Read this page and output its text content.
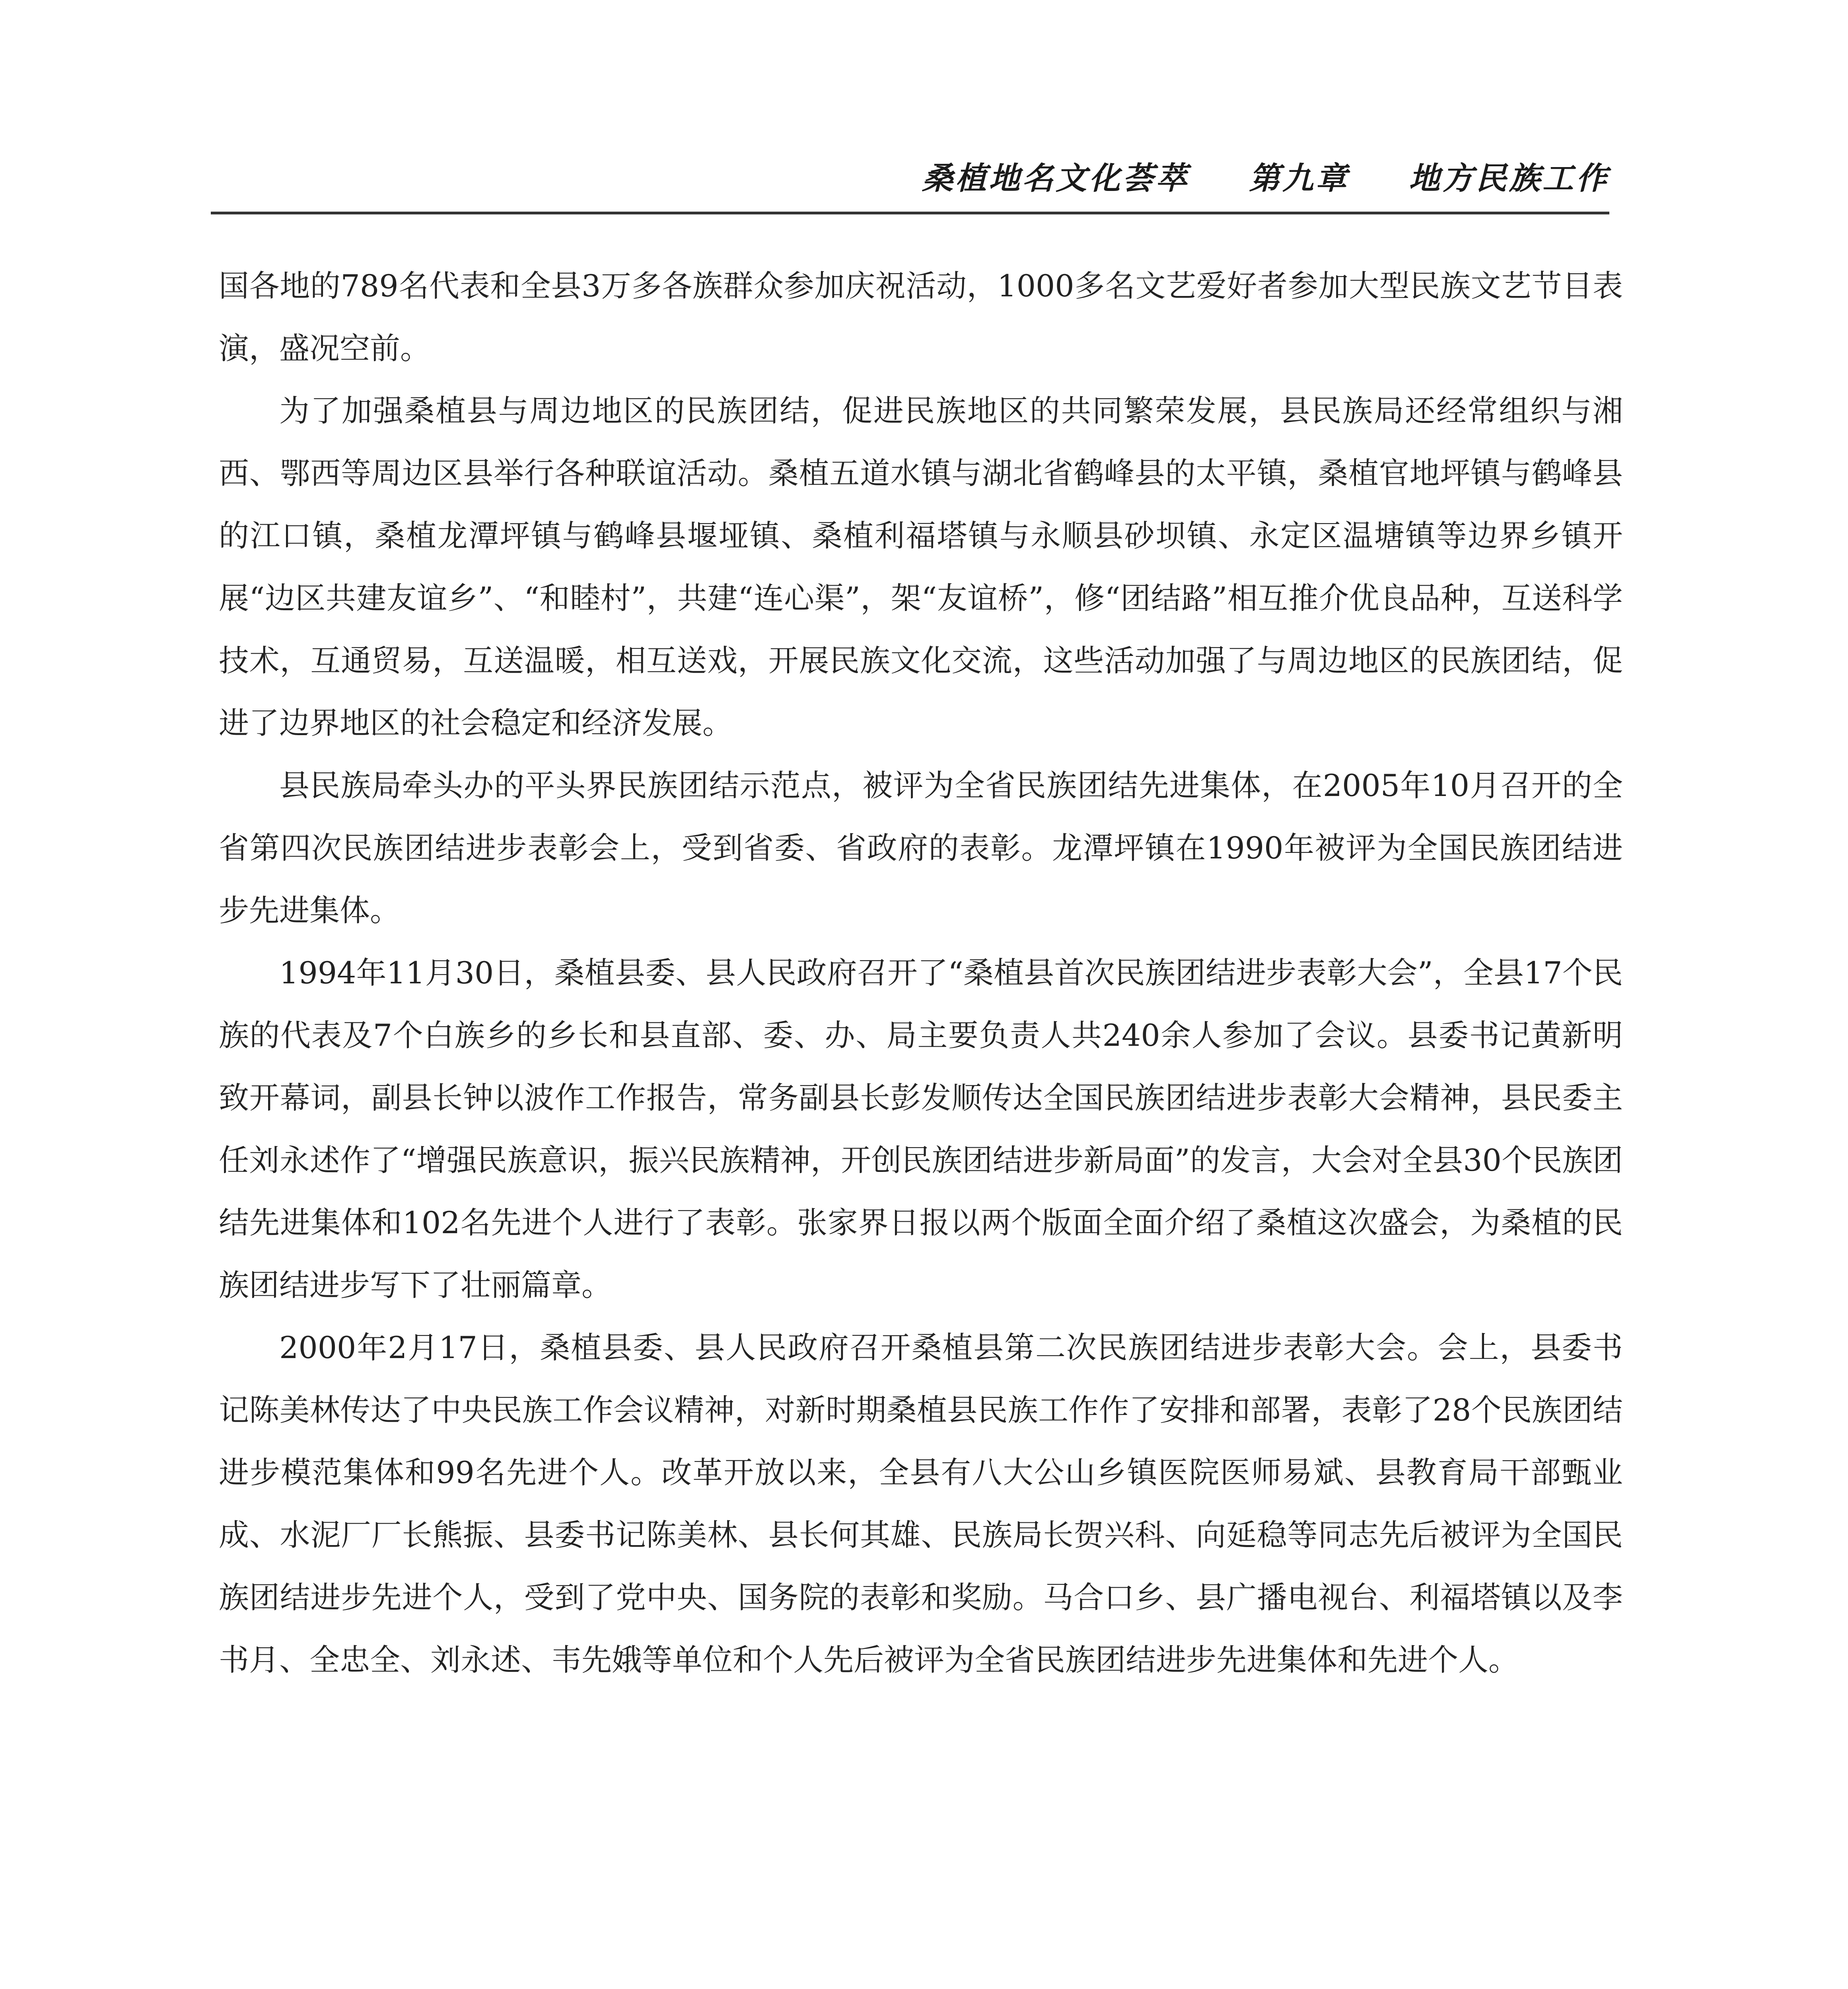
桑植地名文化荟萃 第九章 地方民族工作

国各地的789名代表和全县3万多各族群众参加庆祝活动，1000多名文艺爱好者参加大型民族文艺节目表演，盛况空前。

为了加强桑植县与周边地区的民族团结，促进民族地区的共同繁荣发展，县民族局还经常组织与湘西、鄂西等周边区县举行各种联谊活动。桑植五道水镇与湖北省鹤峰县的太平镇，桑植官地坪镇与鹤峰县的江口镇，桑植龙潭坪镇与鹤峰县堰垭镇、桑植利福塔镇与永顺县砂坝镇、永定区温塘镇等边界乡镇开展“边区共建友谊乡”、“和睦村”，共建“连心渠”，架“友谊桥”，修“团结路”相互推介优良品种，互送科学技术，互通贸易，互送温暖，相互送戏，开展民族文化交流，这些活动加强了与周边地区的民族团结，促进了边界地区的社会稳定和经济发展。

县民族局牵头办的平头界民族团结示范点，被评为全省民族团结先进集体，在2005年10月召开的全省第四次民族团结进步表彰会上，受到省委、省政府的表彰。龙潭坪镇在1990年被评为全国民族团结进步先进集体。

1994年11月30日，桑植县委、县人民政府召开了“桑植县首次民族团结进步表彰大会”，全县17个民族的代表及7个白族乡的乡长和县直部、委、办、局主要负责人共240余人参加了会议。县委书记黄新明致开幕词，副县长钟以波作工作报告，常务副县长彭发顺传达全国民族团结进步表彰大会精神，县民委主任刘永述作了“增强民族意识，振兴民族精神，开创民族团结进步新局面”的发言，大会对全县30个民族团结先进集体和102名先进个人进行了表彰。张家界日报以两个版面全面介绍了桑植这次盛会，为桑植的民族团结进步写下了壮丽篇章。

2000年2月17日，桑植县委、县人民政府召开桑植县第二次民族团结进步表彰大会。会上，县委书记陈美林传达了中央民族工作会议精神，对新时期桑植县民族工作作了安排和部署，表彰了28个民族团结进步模范集体和99名先进个人。改革开放以来，全县有八大公山乡镇医院医师易斌、县教育局干部甄业成、水泥厂厂长熊振、县委书记陈美林、县长何其雄、民族局长贺兴科、向延稳等同志先后被评为全国民族团结进步先进个人，受到了党中央、国务院的表彰和奖励。马合口乡、县广播电视台、利福塔镇以及李书月、全忠全、刘永述、韦先娥等单位和个人先后被评为全省民族团结进步先进集体和先进个人。
